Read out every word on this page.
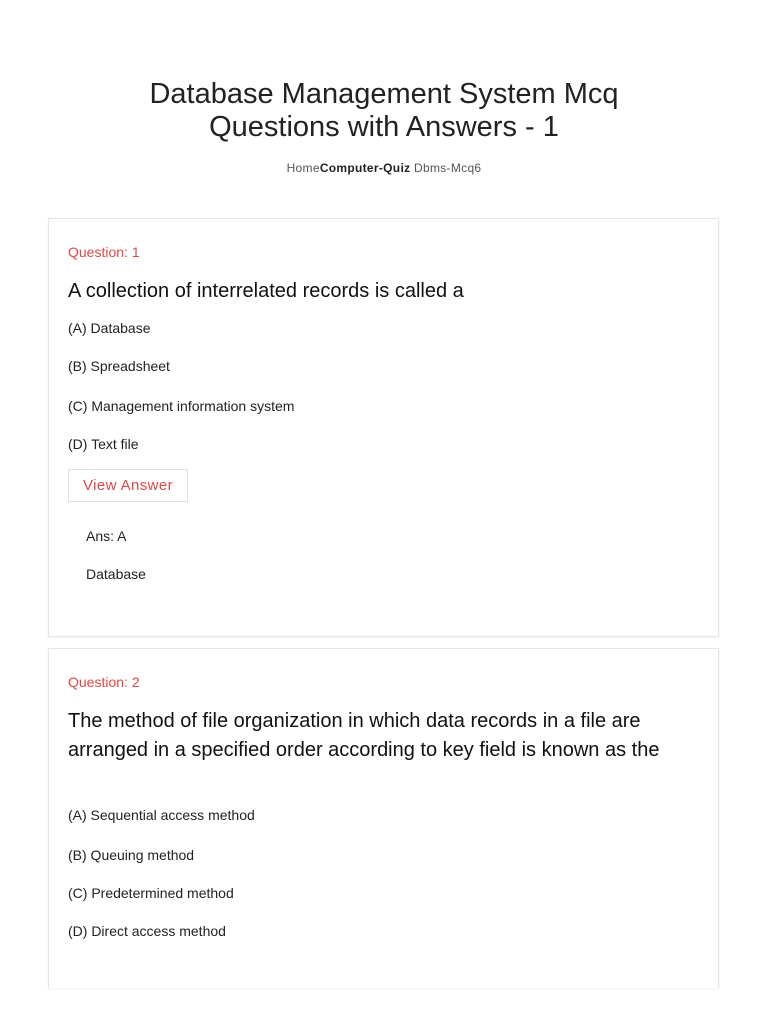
Database Management System Mcq
Questions with Answers - 1
HomeComputer-Quiz Dbms-Mcq6
Question: 1
A collection of interrelated records is called a
(A) Database
(B) Spreadsheet
(C) Management information system
(D) Text file
View Answer
Ans: A
Database
Question: 2
The method of file organization in which data records in a file are arranged in a specified order according to key field is known as the
(A) Sequential access method
(B) Queuing method
(C) Predetermined method
(D) Direct access method
